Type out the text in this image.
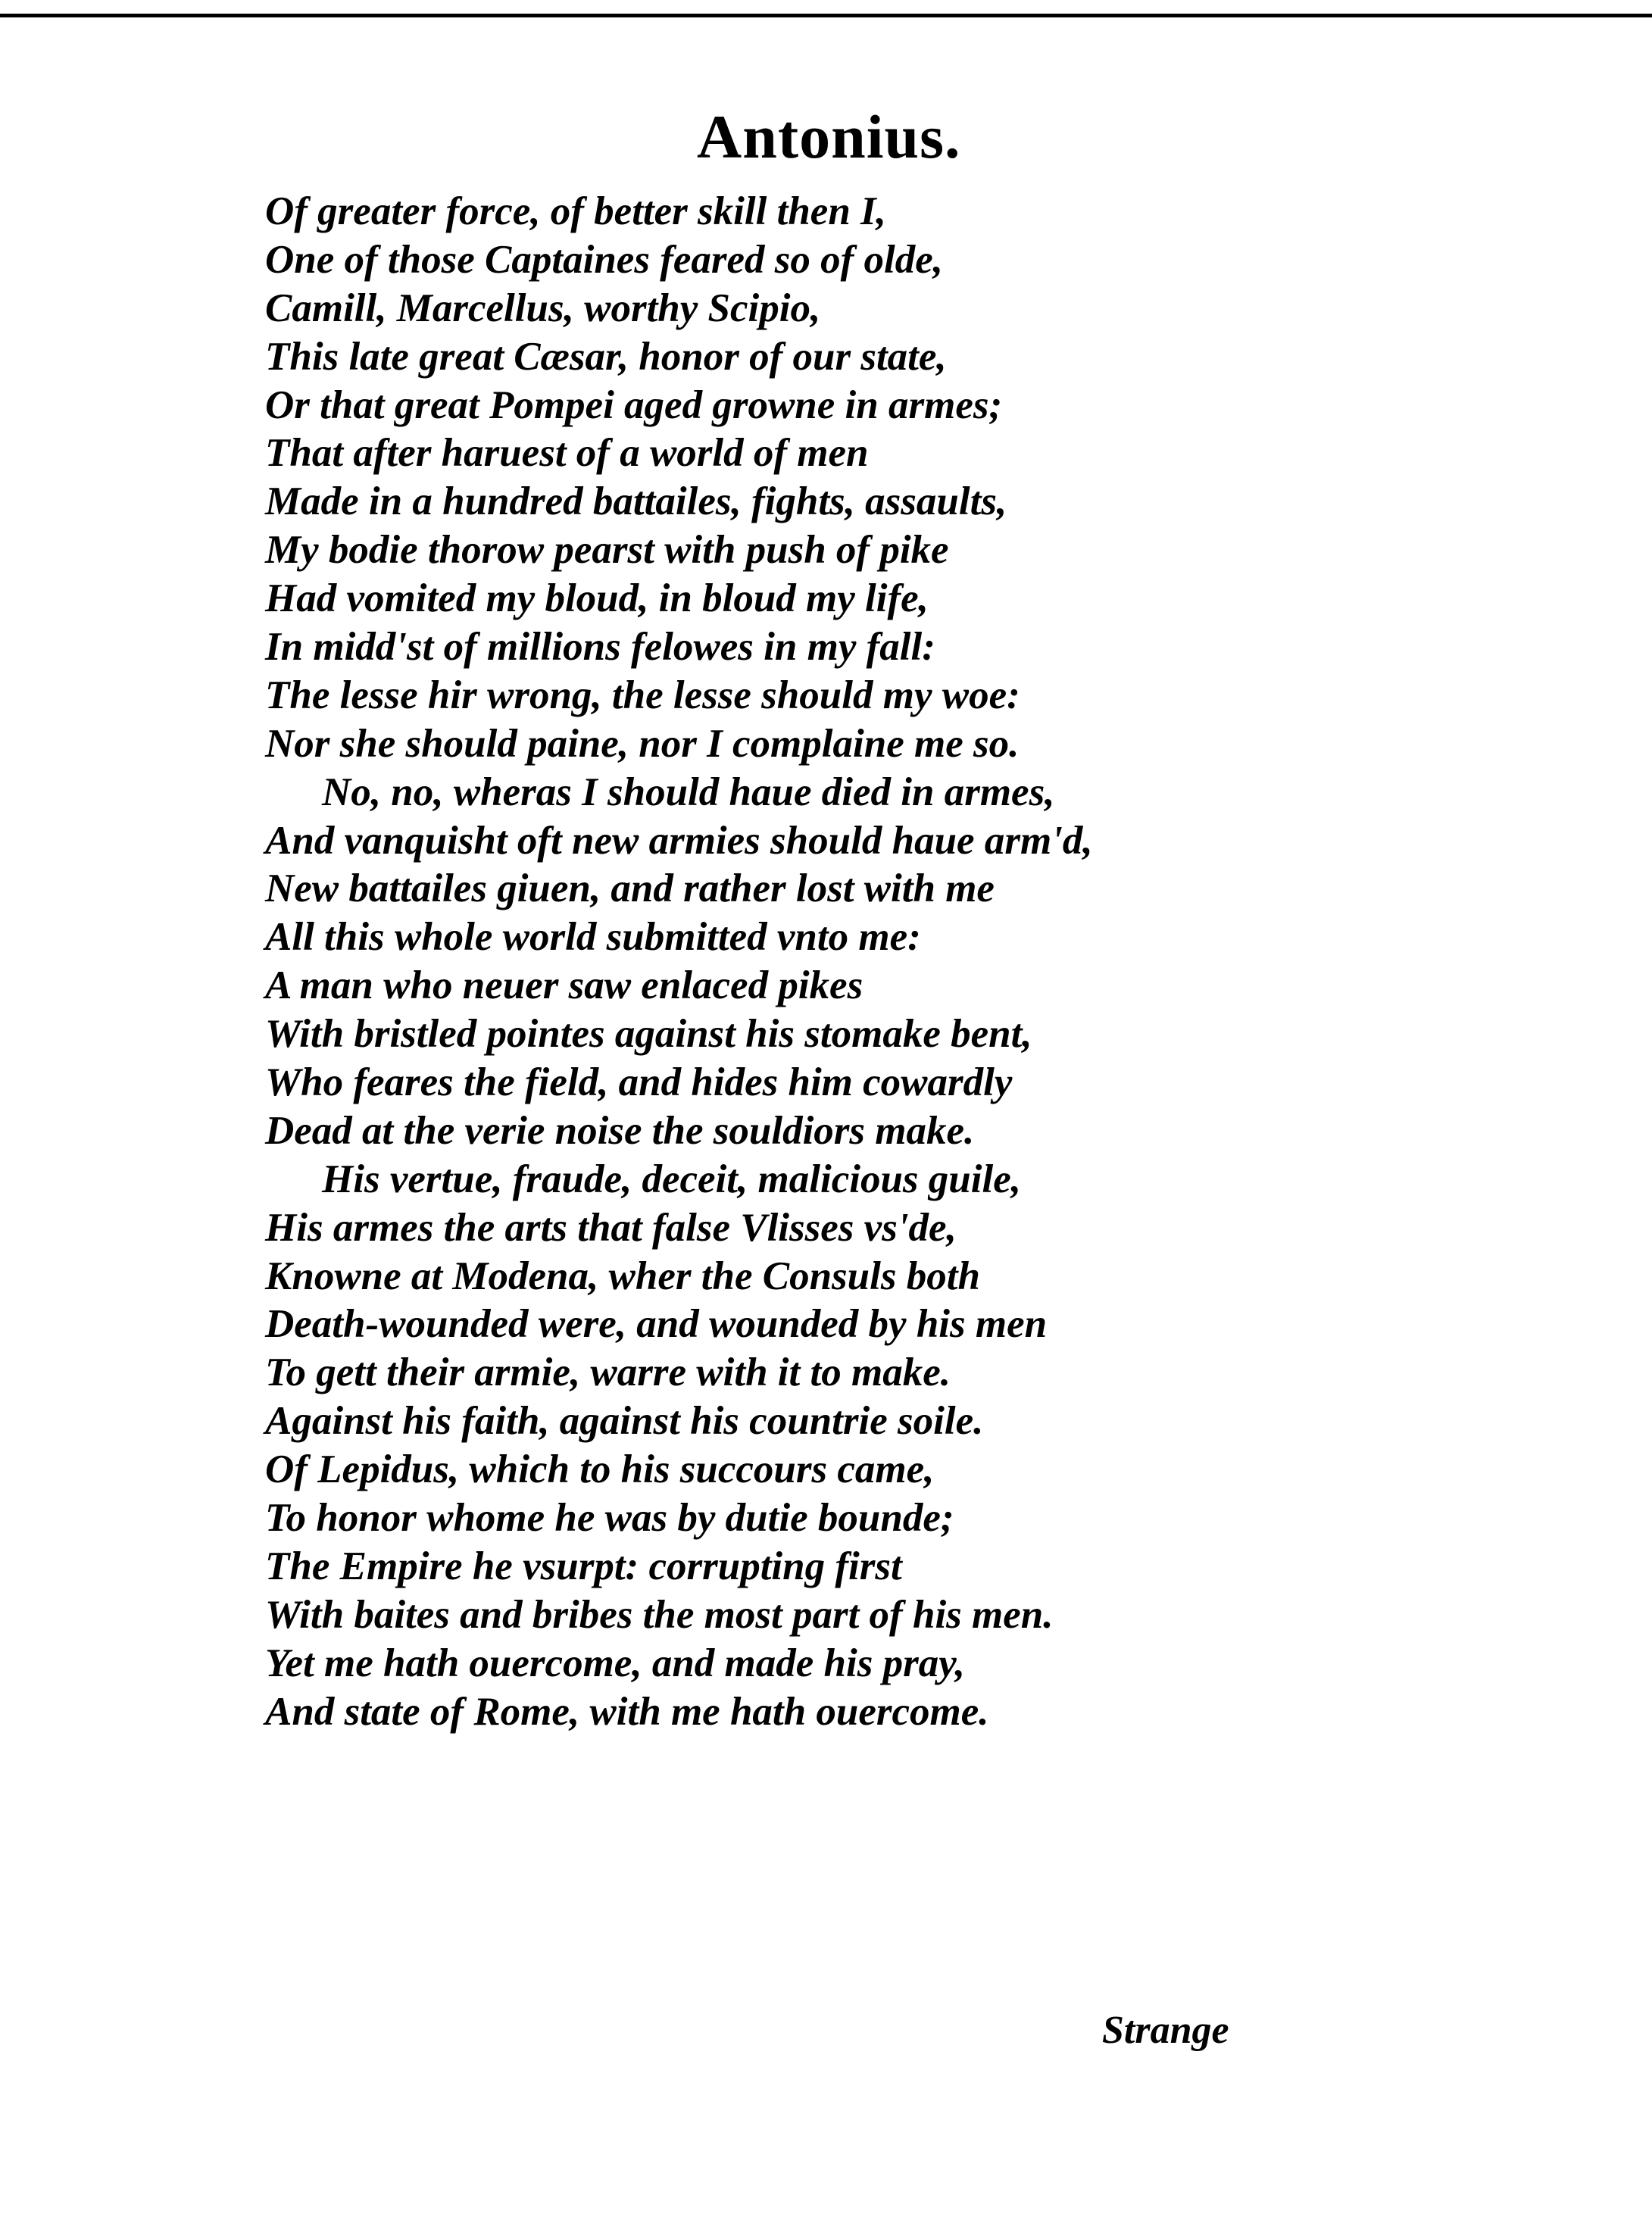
Antonius.
Of greater force, of better skill then I,
One of those Captaines feared so of olde,
Camill, Marcellus, worthy Scipio,
This late great Cæsar, honor of our state,
Or that great Pompei aged growne in armes;
That after haruest of a world of men
Made in a hundred battailes, fights, assaults,
My bodie thorow pearst with push of pike
Had vomited my bloud, in bloud my life,
In midd'st of millions felowes in my fall:
The lesse hir wrong, the lesse should my woe:
Nor she should paine, nor I complaine me so.
No, no, wheras I should haue died in armes,
And vanquisht oft new armies should haue arm'd,
New battailes giuen, and rather lost with me
All this whole world submitted vnto me:
A man who neuer saw enlaced pikes
With bristled pointes against his stomake bent,
Who feares the field, and hides him cowardly
Dead at the verie noise the souldiors make.
His vertue, fraude, deceit, malicious guile,
His armes the arts that false Vlisses vs'de,
Knowne at Modena, wher the Consuls both
Death-wounded were, and wounded by his men
To gett their armie, warre with it to make.
Against his faith, against his countrie soile.
Of Lepidus, which to his succours came,
To honor whome he was by dutie bounde;
The Empire he vsurpt: corrupting first
With baites and bribes the most part of his men.
Yet me hath ouercome, and made his pray,
And state of Rome, with me hath ouercome.
Strange
